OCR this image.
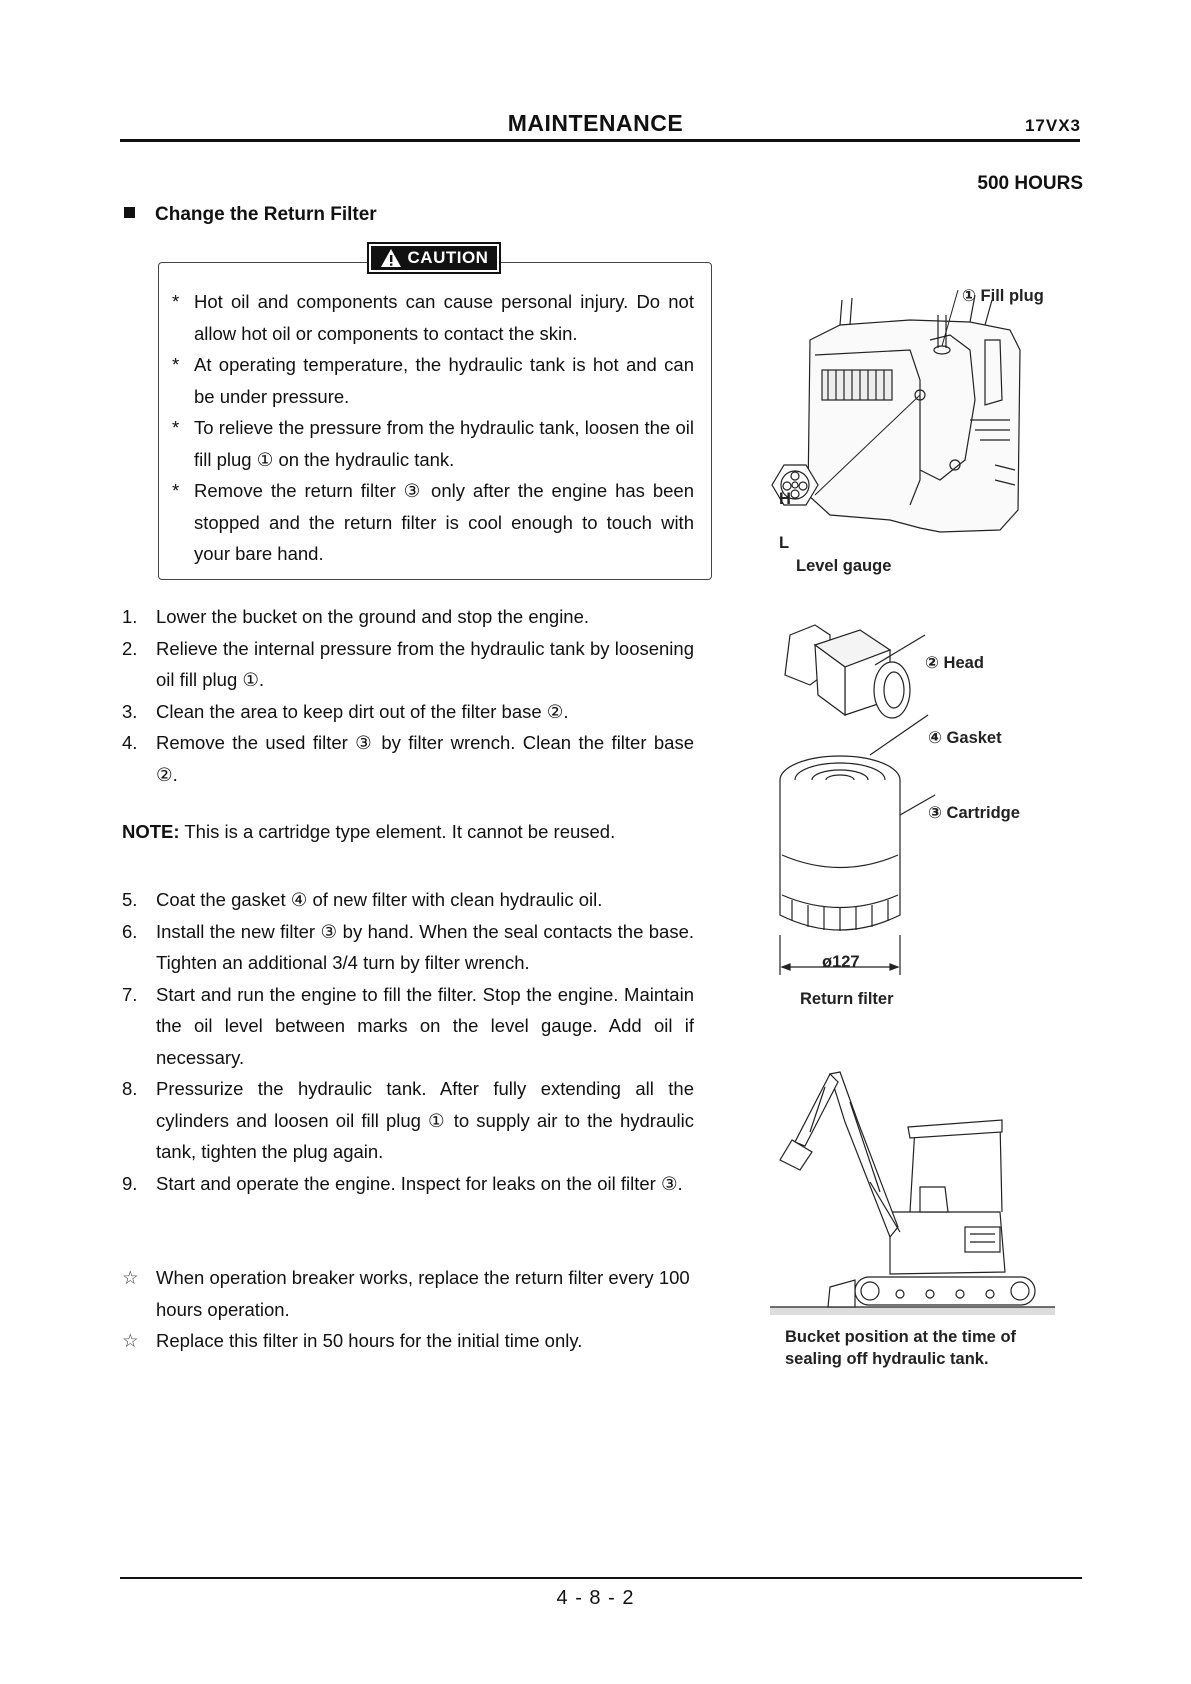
MAINTENANCE	17VX3
500 HOURS
Change the Return Filter
CAUTION
* Hot oil and components can cause personal injury. Do not allow hot oil or components to contact the skin.
* At operating temperature, the hydraulic tank is hot and can be under pressure.
* To relieve the pressure from the hydraulic tank, loosen the oil fill plug ① on the hydraulic tank.
* Remove the return filter ③ only after the engine has been stopped and the return filter is cool enough to touch with your bare hand.
1. Lower the bucket on the ground and stop the engine.
2. Relieve the internal pressure from the hydraulic tank by loosening oil fill plug ①.
3. Clean the area to keep dirt out of the filter base ②.
4. Remove the used filter ③ by filter wrench. Clean the filter base ②.
NOTE: This is a cartridge type element. It cannot be reused.
5. Coat the gasket ④ of new filter with clean hydraulic oil.
6. Install the new filter ③ by hand. When the seal contacts the base. Tighten an additional 3/4 turn by filter wrench.
7. Start and run the engine to fill the filter. Stop the engine. Maintain the oil level between marks on the level gauge. Add oil if necessary.
8. Pressurize the hydraulic tank. After fully extending all the cylinders and loosen oil fill plug ① to supply air to the hydraulic tank, tighten the plug again.
9. Start and operate the engine. Inspect for leaks on the oil filter ③.
☆ When operation breaker works, replace the return filter every 100 hours operation.
☆ Replace this filter in 50 hours for the initial time only.
① Fill plug
H
L
Level gauge
② Head
④ Gasket
③ Cartridge
ø127
Return filter
Bucket position at the time of
sealing off hydraulic tank.
4 - 8 - 2
